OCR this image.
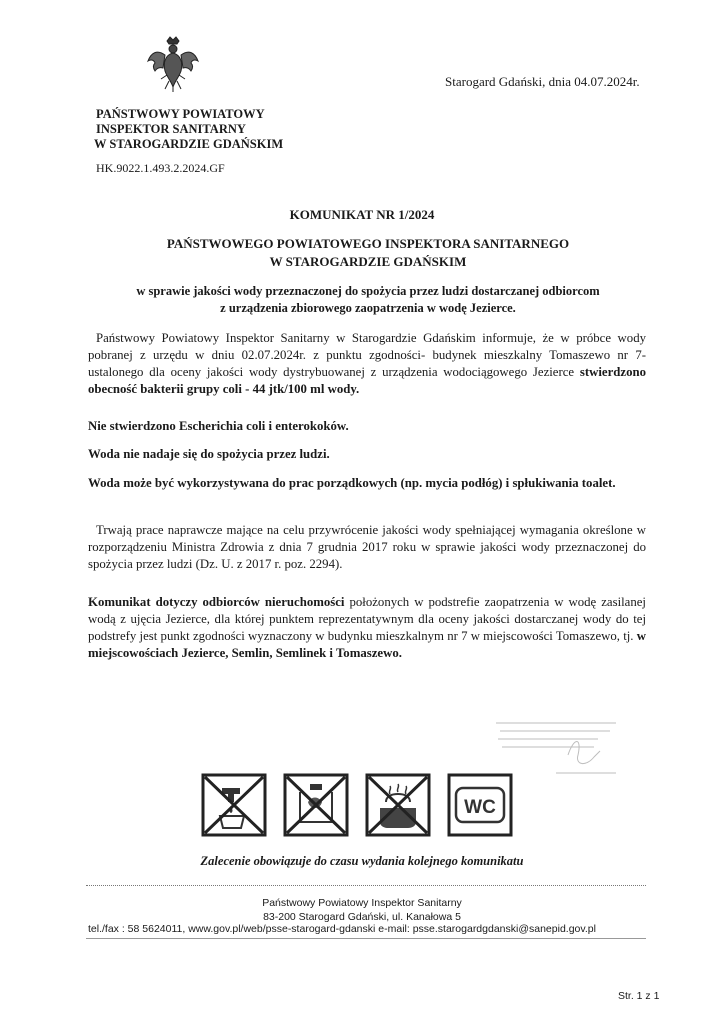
Starogard Gdański, dnia 04.07.2024r.
PAŃSTWOWY POWIATOWY
INSPEKTOR SANITARNY
W STAROGARDZIE GDAŃSKIM
HK.9022.1.493.2.2024.GF
KOMUNIKAT NR 1/2024
PAŃSTWOWEGO POWIATOWEGO INSPEKTORA SANITARNEGO
W STAROGARDZIE GDAŃSKIM
w sprawie jakości wody przeznaczonej do spożycia przez ludzi dostarczanej odbiorcom
z urządzenia zbiorowego zaopatrzenia w wodę Jezierce.
Państwowy Powiatowy Inspektor Sanitarny w Starogardzie Gdańskim informuje, że w próbce wody pobranej z urzędu w dniu 02.07.2024r. z punktu zgodności- budynek mieszkalny Tomaszewo nr 7- ustalonego dla oceny jakości wody dystrybuowanej z urządzenia wodociągowego Jezierce stwierdzono obecność bakterii grupy coli - 44 jtk/100 ml wody.
Nie stwierdzono Escherichia coli i enterokoków.
Woda nie nadaje się do spożycia przez ludzi.
Woda może być wykorzystywana do prac porządkowych (np. mycia podłóg) i spłukiwania toalet.
Trwają prace naprawcze mające na celu przywrócenie jakości wody spełniającej wymagania określone w rozporządzeniu Ministra Zdrowia z dnia 7 grudnia 2017 roku w sprawie jakości wody przeznaczonej do spożycia przez ludzi (Dz. U. z 2017 r. poz. 2294).
Komunikat dotyczy odbiorców nieruchomości położonych w podstrefie zaopatrzenia w wodę zasilanej wodą z ujęcia Jezierce, dla której punktem reprezentatywnym dla oceny jakości dostarczanej wody do tej podstrefy jest punkt zgodności wyznaczony w budynku mieszkalnym nr 7 w miejscowości Tomaszewo, tj. w miejscowościach Jezierce, Semlin, Semlinek i Tomaszewo.
WC
Zalecenie obowiązuje do czasu wydania kolejnego komunikatu
Państwowy Powiatowy Inspektor Sanitarny
83-200 Starogard Gdański, ul. Kanałowa 5
tel./fax : 58 5624011, www.gov.pl/web/psse-starogard-gdanski e-mail: psse.starogardgdanski@sanepid.gov.pl
Str. 1 z 1
